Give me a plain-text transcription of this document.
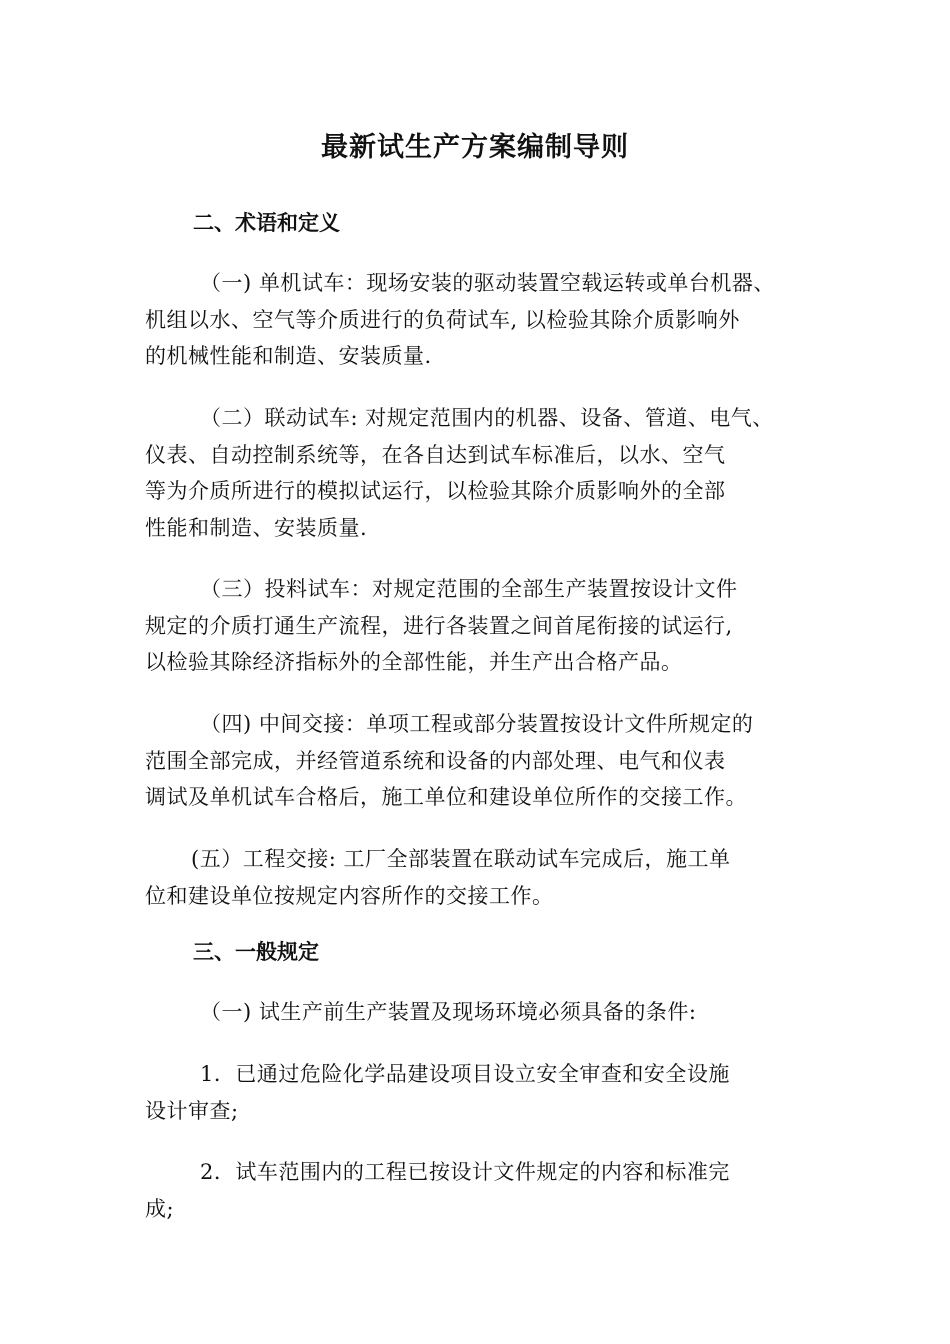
最新试生产方案编制导则
二、术语和定义
（一) 单机试车：现场安装的驱动装置空载运转或单台机器、
机组以水、空气等介质进行的负荷试车, 以检验其除介质影响外
的机械性能和制造、安装质量.
（二）联动试车: 对规定范围内的机器、设备、管道、电气、
仪表、自动控制系统等，在各自达到试车标准后，以水、空气
等为介质所进行的模拟试运行，以检验其除介质影响外的全部
性能和制造、安装质量.
（三）投料试车：对规定范围的全部生产装置按设计文件
规定的介质打通生产流程，进行各装置之间首尾衔接的试运行,
以检验其除经济指标外的全部性能，并生产出合格产品。
（四) 中间交接：单项工程或部分装置按设计文件所规定的
范围全部完成，并经管道系统和设备的内部处理、电气和仪表
调试及单机试车合格后，施工单位和建设单位所作的交接工作。
(五）工程交接: 工厂全部装置在联动试车完成后，施工单
位和建设单位按规定内容所作的交接工作。
三、一般规定
（一) 试生产前生产装置及现场环境必须具备的条件:
1．已通过危险化学品建设项目设立安全审查和安全设施
设计审查;
2．试车范围内的工程已按设计文件规定的内容和标准完
成;
